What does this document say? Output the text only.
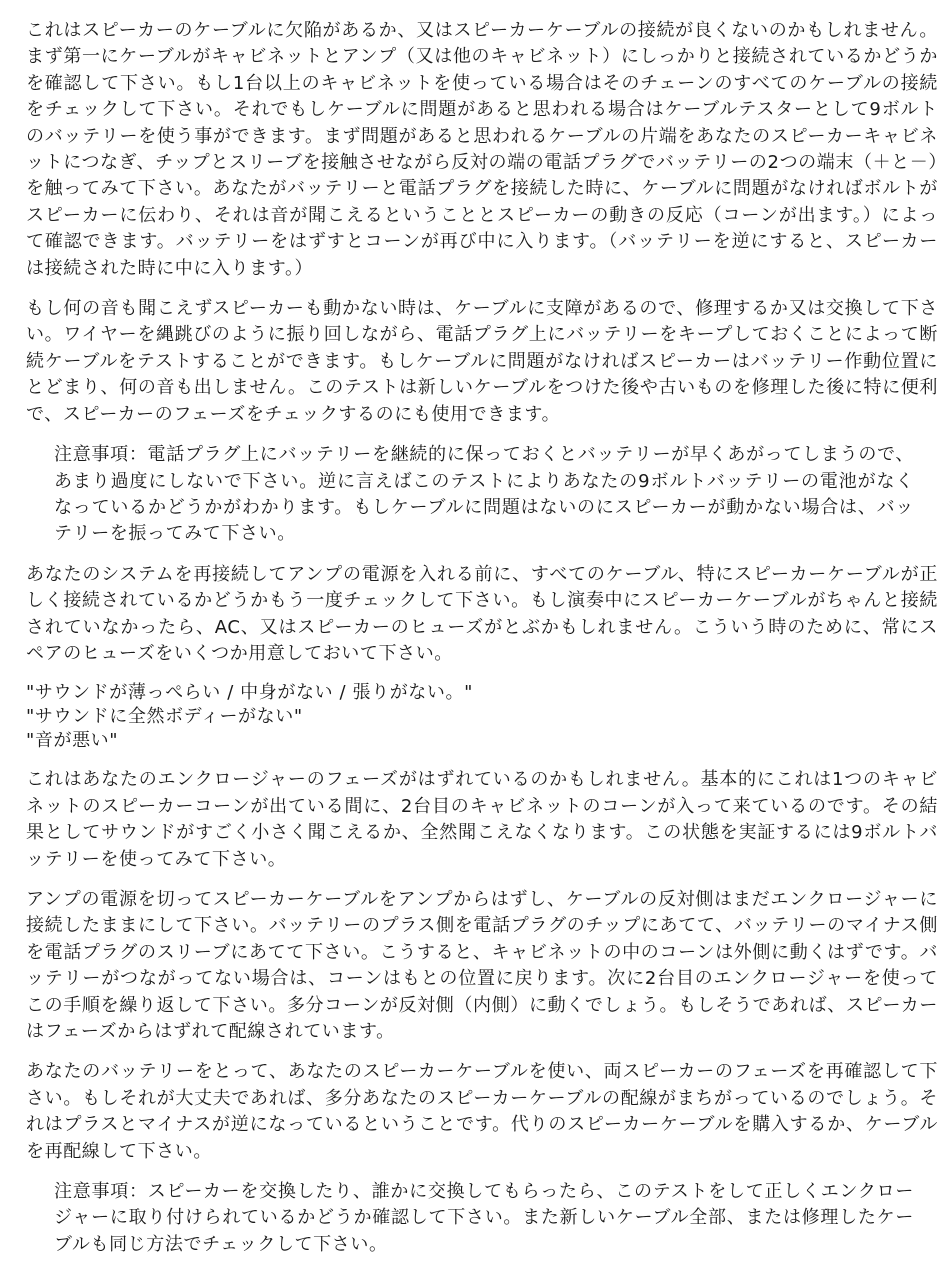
これはスピーカーのケーブルに欠陥があるか、又はスピーカーケーブルの接続が良くないのかもしれません。まず第一にケーブルがキャビネットとアンプ（又は他のキャビネット）にしっかりと接続されているかどうかを確認して下さい。もし1台以上のキャビネットを使っている場合はそのチェーンのすべてのケーブルの接続をチェックして下さい。それでもしケーブルに問題があると思われる場合はケーブルテスターとして9ボルトのバッテリーを使う事ができます。まず問題があると思われるケーブルの片端をあなたのスピーカーキャビネットにつなぎ、チップとスリーブを接触させながら反対の端の電話プラグでバッテリーの2つの端末（＋と－）を触ってみて下さい。あなたがバッテリーと電話プラグを接続した時に、ケーブルに問題がなければボルトがスピーカーに伝わり、それは音が聞こえるということとスピーカーの動きの反応（コーンが出ます。）によって確認できます。バッテリーをはずすとコーンが再び中に入ります。（バッテリーを逆にすると、スピーカーは接続された時に中に入ります。）

もし何の音も聞こえずスピーカーも動かない時は、ケーブルに支障があるので、修理するか又は交換して下さい。ワイヤーを縄跳びのように振り回しながら、電話プラグ上にバッテリーをキープしておくことによって断続ケーブルをテストすることができます。もしケーブルに問題がなければスピーカーはバッテリー作動位置にとどまり、何の音も出しません。このテストは新しいケーブルをつけた後や古いものを修理した後に特に便利で、スピーカーのフェーズをチェックするのにも使用できます。

注意事項：電話プラグ上にバッテリーを継続的に保っておくとバッテリーが早くあがってしまうので、あまり過度にしないで下さい。逆に言えばこのテストによりあなたの9ボルトバッテリーの電池がなくなっているかどうかがわかります。もしケーブルに問題はないのにスピーカーが動かない場合は、バッテリーを振ってみて下さい。

あなたのシステムを再接続してアンプの電源を入れる前に、すべてのケーブル、特にスピーカーケーブルが正しく接続されているかどうかもう一度チェックして下さい。もし演奏中にスピーカーケーブルがちゃんと接続されていなかったら、AC、又はスピーカーのヒューズがとぶかもしれません。こういう時のために、常にスペアのヒューズをいくつか用意しておいて下さい。

"サウンドが薄っぺらい / 中身がない / 張りがない。"
"サウンドに全然ボディーがない"
"音が悪い"

これはあなたのエンクロージャーのフェーズがはずれているのかもしれません。基本的にこれは1つのキャビネットのスピーカーコーンが出ている間に、2台目のキャビネットのコーンが入って来ているのです。その結果としてサウンドがすごく小さく聞こえるか、全然聞こえなくなります。この状態を実証するには9ボルトバッテリーを使ってみて下さい。

アンプの電源を切ってスピーカーケーブルをアンプからはずし、ケーブルの反対側はまだエンクロージャーに接続したままにして下さい。バッテリーのプラス側を電話プラグのチップにあてて、バッテリーのマイナス側を電話プラグのスリーブにあてて下さい。こうすると、キャビネットの中のコーンは外側に動くはずです。バッテリーがつながってない場合は、コーンはもとの位置に戻ります。次に2台目のエンクロージャーを使ってこの手順を繰り返して下さい。多分コーンが反対側（内側）に動くでしょう。もしそうであれば、スピーカーはフェーズからはずれて配線されています。

あなたのバッテリーをとって、あなたのスピーカーケーブルを使い、両スピーカーのフェーズを再確認して下さい。もしそれが大丈夫であれば、多分あなたのスピーカーケーブルの配線がまちがっているのでしょう。それはプラスとマイナスが逆になっているということです。代りのスピーカーケーブルを購入するか、ケーブルを再配線して下さい。

注意事項：スピーカーを交換したり、誰かに交換してもらったら、このテストをして正しくエンクロージャーに取り付けられているかどうか確認して下さい。また新しいケーブル全部、または修理したケーブルも同じ方法でチェックして下さい。
